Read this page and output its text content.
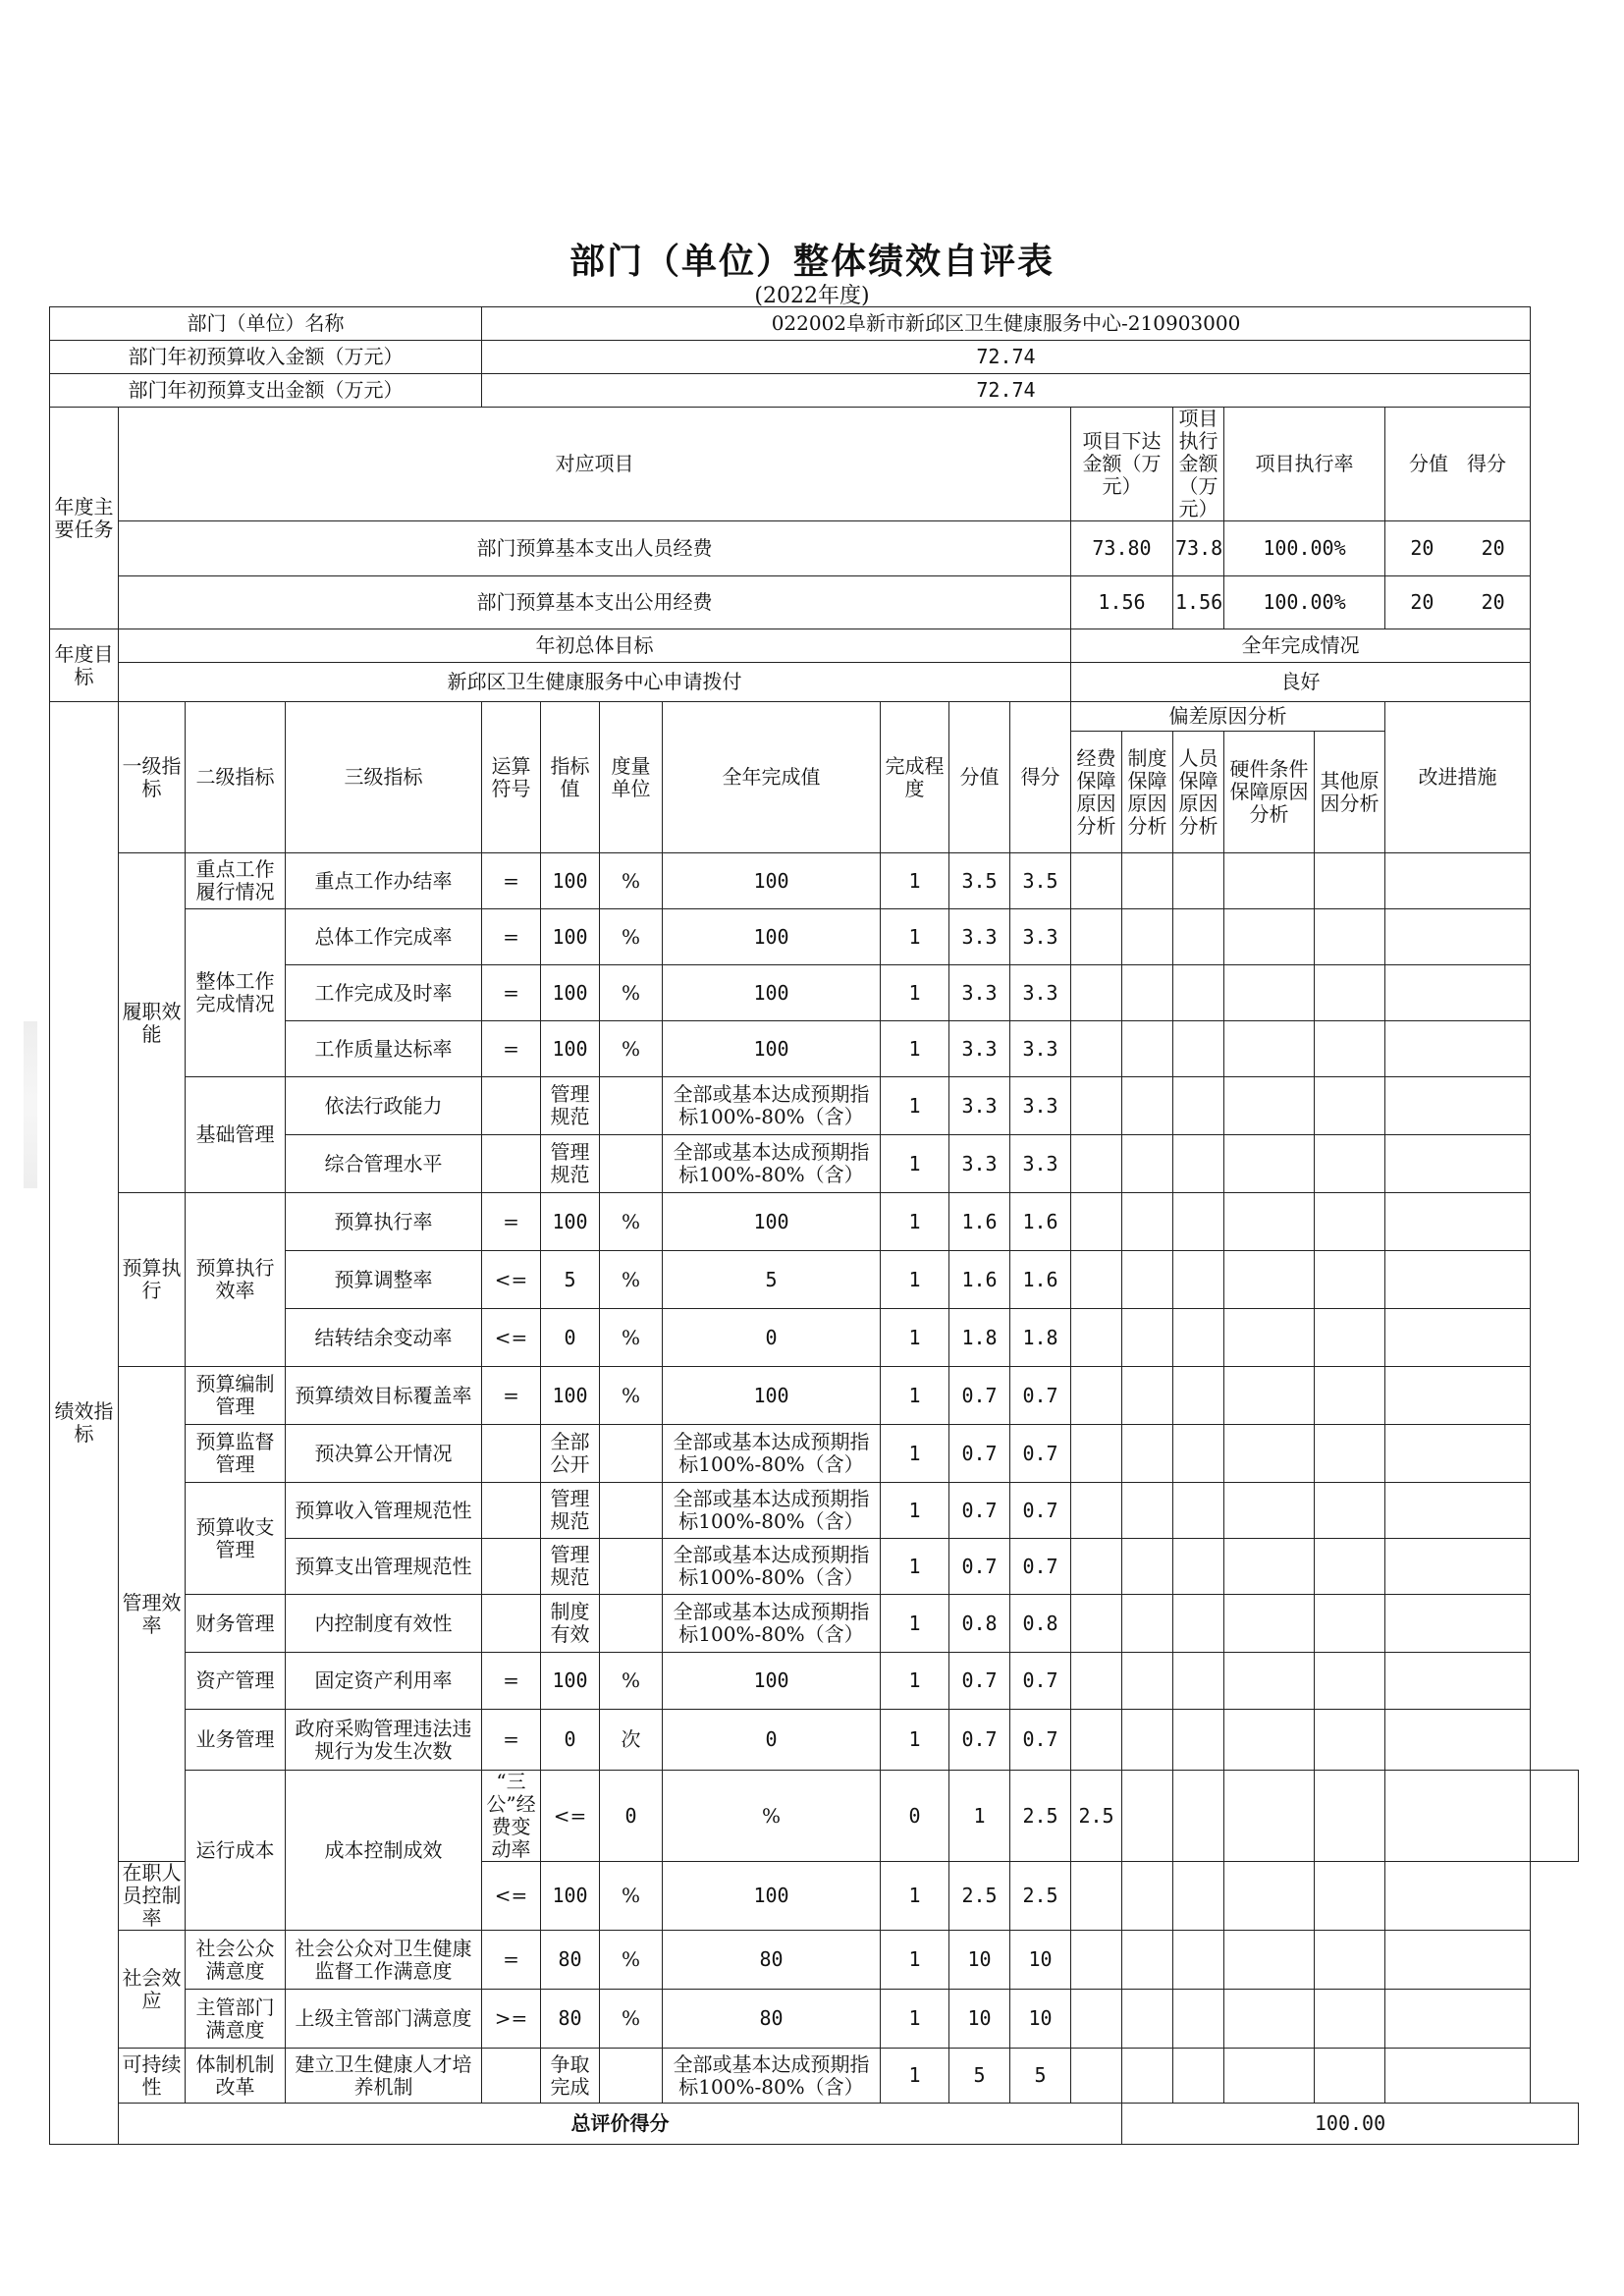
部门（单位）整体绩效自评表
(2022年度)
部门（单位）名称				022002阜新市新邱区卫生健康服务中心-210903000													
部门年初预算收入金额（万元）				72.74													
部门年初预算支出金额（万元）				72.74													
年度主要任务	对应项目										项目下达金额（万元）		项目执行金额（万元）	项目执行率		分值 得分	
	部门预算基本支出人员经费										73.80		73.8	100.00%		20 20	
	部门预算基本支出公用经费										1.56		1.56	100.00%		20 20	
年度目标	年初总体目标										全年完成情况						
	新邱区卫生健康服务中心申请拨付										良好						
绩效指标	一级指标	二级指标	三级指标	运算符号	指标值	度量单位	全年完成值	完成程度	分值	得分	偏差原因分析					改进措施	
											经费保障原因分析	制度保障原因分析	人员保障原因分析	硬件条件保障原因分析	其他原因分析		
	履职效能	重点工作履行情况	重点工作办结率	=	100	%	100	1	3.5	3.5							
		整体工作完成情况	总体工作完成率	=	100	%	100	1	3.3	3.3							
			工作完成及时率	=	100	%	100	1	3.3	3.3							
			工作质量达标率	=	100	%	100	1	3.3	3.3							
		基础管理	依法行政能力		管理规范		全部或基本达成预期指标100%-80%（含）	1	3.3	3.3							
			综合管理水平		管理规范		全部或基本达成预期指标100%-80%（含）	1	3.3	3.3							
	预算执行	预算执行效率	预算执行率	=	100	%	100	1	1.6	1.6							
			预算调整率	<=	5	%	5	1	1.6	1.6							
			结转结余变动率	<=	0	%	0	1	1.8	1.8							
	管理效率	预算编制管理	预算绩效目标覆盖率	=	100	%	100	1	0.7	0.7							
		预算监督管理	预决算公开情况		全部公开		全部或基本达成预期指标100%-80%（含）	1	0.7	0.7							
		预算收支管理	预算收入管理规范性		管理规范		全部或基本达成预期指标100%-80%（含）	1	0.7	0.7							
			预算支出管理规范性		管理规范		全部或基本达成预期指标100%-80%（含）	1	0.7	0.7							
		财务管理	内控制度有效性		制度有效		全部或基本达成预期指标100%-80%（含）	1	0.8	0.8							
		资产管理	固定资产利用率	=	100	%	100	1	0.7	0.7							
		业务管理	政府采购管理违法违规行为发生次数	=	0	次	0	1	0.7	0.7							
		运行成本	成本控制成效	“三公”经费变动率	<=	0	%	0	1	2.5	2.5						
	在职人员控制率			<=	100	%	100	1	2.5	2.5							
	社会效应	社会公众满意度	社会公众对卫生健康监督工作满意度	=	80	%	80	1	10	10							
		主管部门满意度	上级主管部门满意度	>=	80	%	80	1	10	10							
	可持续性	体制机制改革	建立卫生健康人才培养机制		争取完成		全部或基本达成预期指标100%-80%（含）	1	5	5							
	总评价得分											100.00					
